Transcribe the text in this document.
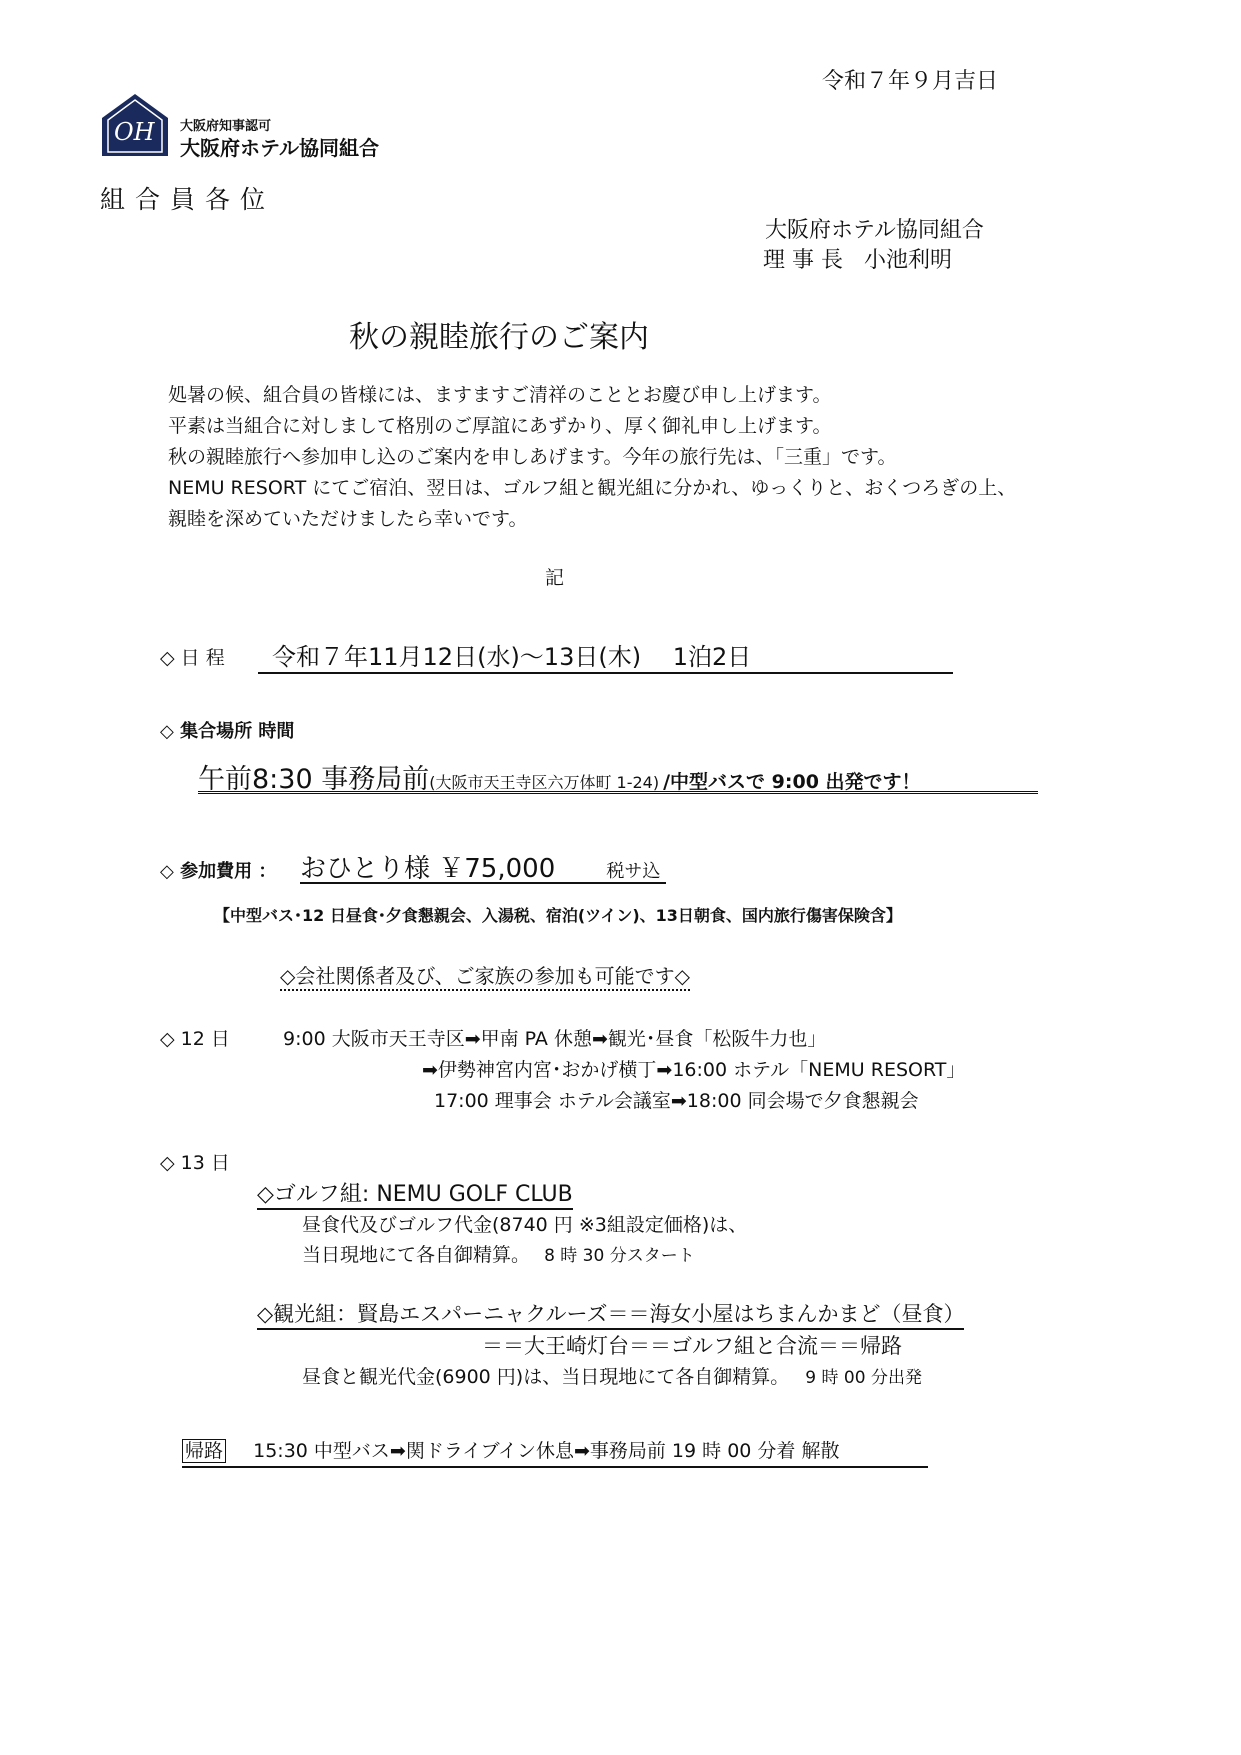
令和７年９月吉日
OH 大阪府知事認可
大阪府ホテル協同組合
組合員各位
大阪府ホテル協同組合
理 事 長 小池利明
秋の親睦旅行のご案内
処暑の候、組合員の皆様には、ますますご清祥のこととお慶び申し上げます。
平素は当組合に対しまして格別のご厚誼にあずかり、厚く御礼申し上げます。
秋の親睦旅行へ参加申し込のご案内を申しあげます。今年の旅行先は、「三重」です。
NEMU RESORT にてご宿泊、翌日は、ゴルフ組と観光組に分かれ、ゆっくりと、おくつろぎの上、
親睦を深めていただけましたら幸いです。
記
◇ 日 程	令和７年11月12日(水)～13日(木)　 1泊2日
◇ 集合場所 時間
午前8:30 事務局前(大阪市天王寺区六万体町 1-24) /中型バスで 9:00 出発です！
◇ 参加費用 ： おひとり様 ￥75,000	税サ込
【中型バス･12 日昼食･夕食懇親会、入湯税、宿泊(ツイン)、13日朝食、国内旅行傷害保険含】
◇会社関係者及び、ご家族の参加も可能です◇
◇ 12 日	9:00 大阪市天王寺区➡甲南 PA 休憩➡観光･昼食「松阪牛力也」
➡伊勢神宮内宮･おかげ横丁➡16:00 ホテル「NEMU RESORT」
17:00 理事会 ホテル会議室➡18:00 同会場で夕食懇親会
◇ 13 日
◇ゴルフ組: NEMU GOLF CLUB
昼食代及びゴルフ代金(8740 円 ※3組設定価格)は、
当日現地にて各自御精算。 8 時 30 分スタート
◇観光組：賢島エスパーニャクルーズ＝＝海女小屋はちまんかまど（昼食）
＝＝大王崎灯台＝＝ゴルフ組と合流＝＝帰路
昼食と観光代金(6900 円)は、当日現地にて各自御精算。 9 時 00 分出発
帰路 15:30 中型バス➡関ドライブイン休息➡事務局前 19 時 00 分着 解散
